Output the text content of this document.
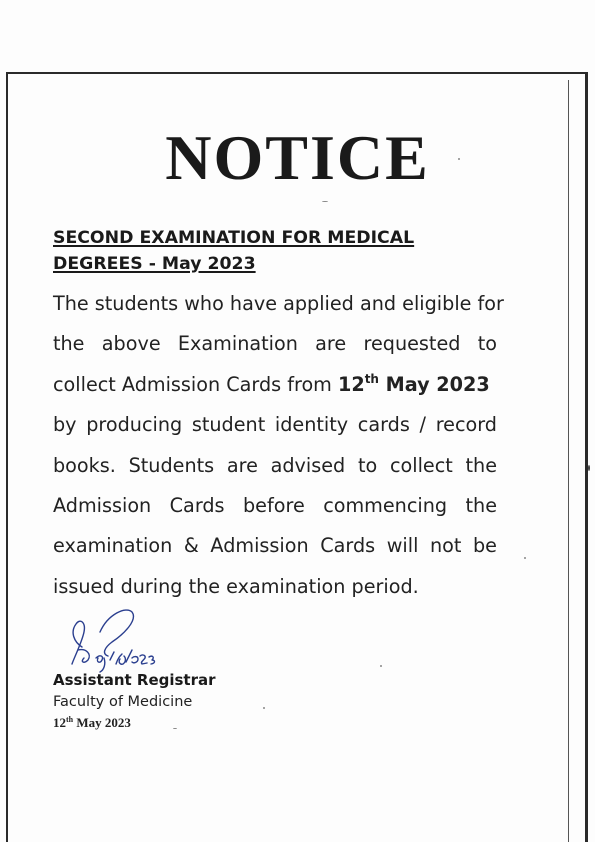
NOTICE
SECOND EXAMINATION FOR MEDICAL
DEGREES - May 2023
The students who have applied and eligible for
the above Examination are requested to
collect Admission Cards from 12th May 2023
by producing student identity cards / record
books. Students are advised to collect the
Admission Cards before commencing the
examination & Admission Cards will not be
issued during the examination period.

Assistant Registrar

Faculty of Medicine

12th May 2023
